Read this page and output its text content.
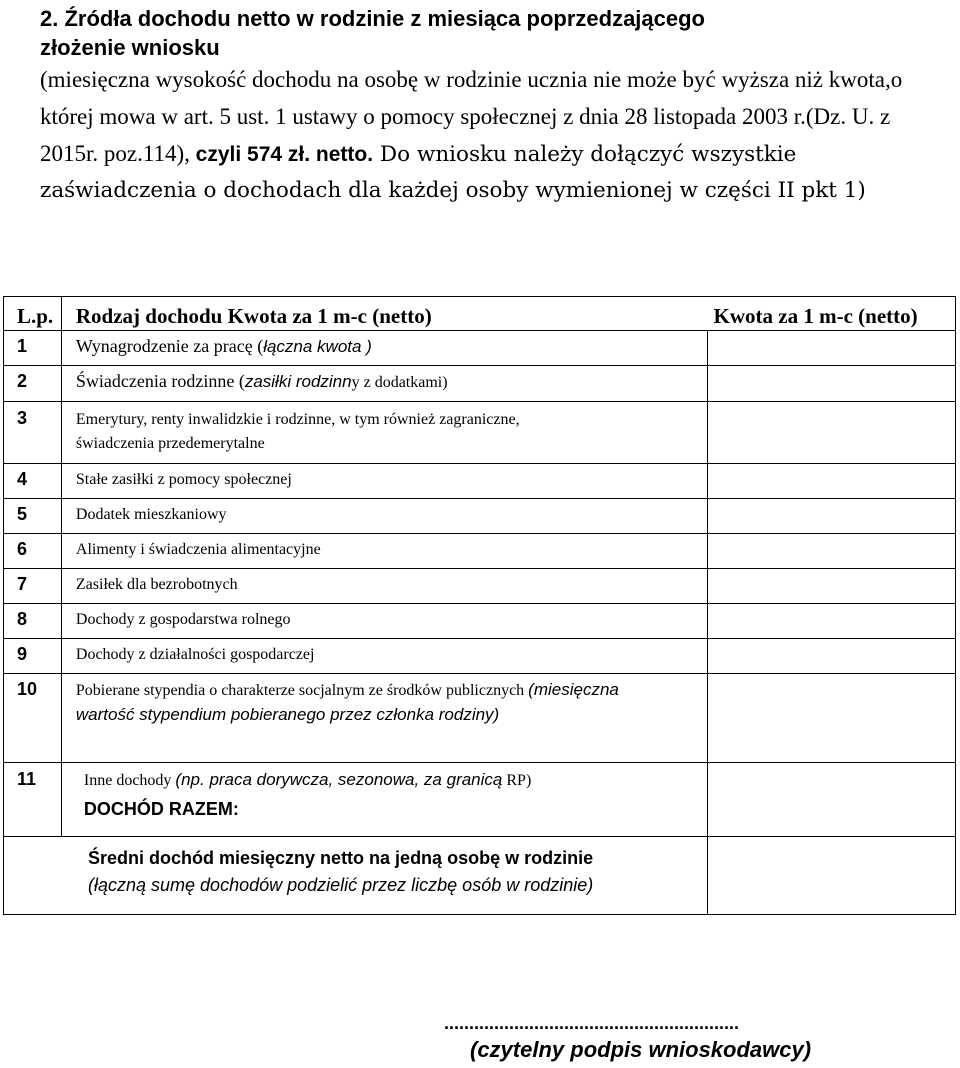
2. Źródła dochodu netto w rodzinie z miesiąca poprzedzającego
złożenie wniosku
(miesięczna wysokość dochodu na osobę w rodzinie ucznia nie może być wyższa niż kwota,o której mowa w art. 5 ust. 1 ustawy o pomocy społecznej z dnia 28 listopada 2003 r.(Dz. U. z 2015r. poz.114), czyli 574 zł. netto. Do wniosku należy dołączyć wszystkie zaświadczenia o dochodach dla każdej osoby wymienionej w części II pkt 1)
L.p.	Rodzaj dochodu Kwota za 1 m-c (netto)	Kwota za 1 m-c (netto)
1	Wynagrodzenie za pracę (łączna kwota )	
2	Świadczenia rodzinne (zasiłki rodzinny z dodatkami)	
3	Emerytury, renty inwalidzkie i rodzinne, w tym również zagraniczne, świadczenia przedemerytalne	
4	Stałe zasiłki z pomocy społecznej	
5	Dodatek mieszkaniowy	
6	Alimenty i świadczenia alimentacyjne	
7	Zasiłek dla bezrobotnych	
8	Dochody z gospodarstwa rolnego	
9	Dochody z działalności gospodarczej	
10	Pobierane stypendia o charakterze socjalnym ze środków publicznych (miesięczna wartość stypendium pobieranego przez członka rodziny)	
11	Inne dochody (np. praca dorywcza, sezonowa, za granicą RP)
DOCHÓD RAZEM:	

Średni dochód miesięczny netto na jedną osobę w rodzinie
(łączną sumę dochodów podzielić przez liczbę osób w rodzinie)		

...........................................................
(czytelny podpis wnioskodawcy)
